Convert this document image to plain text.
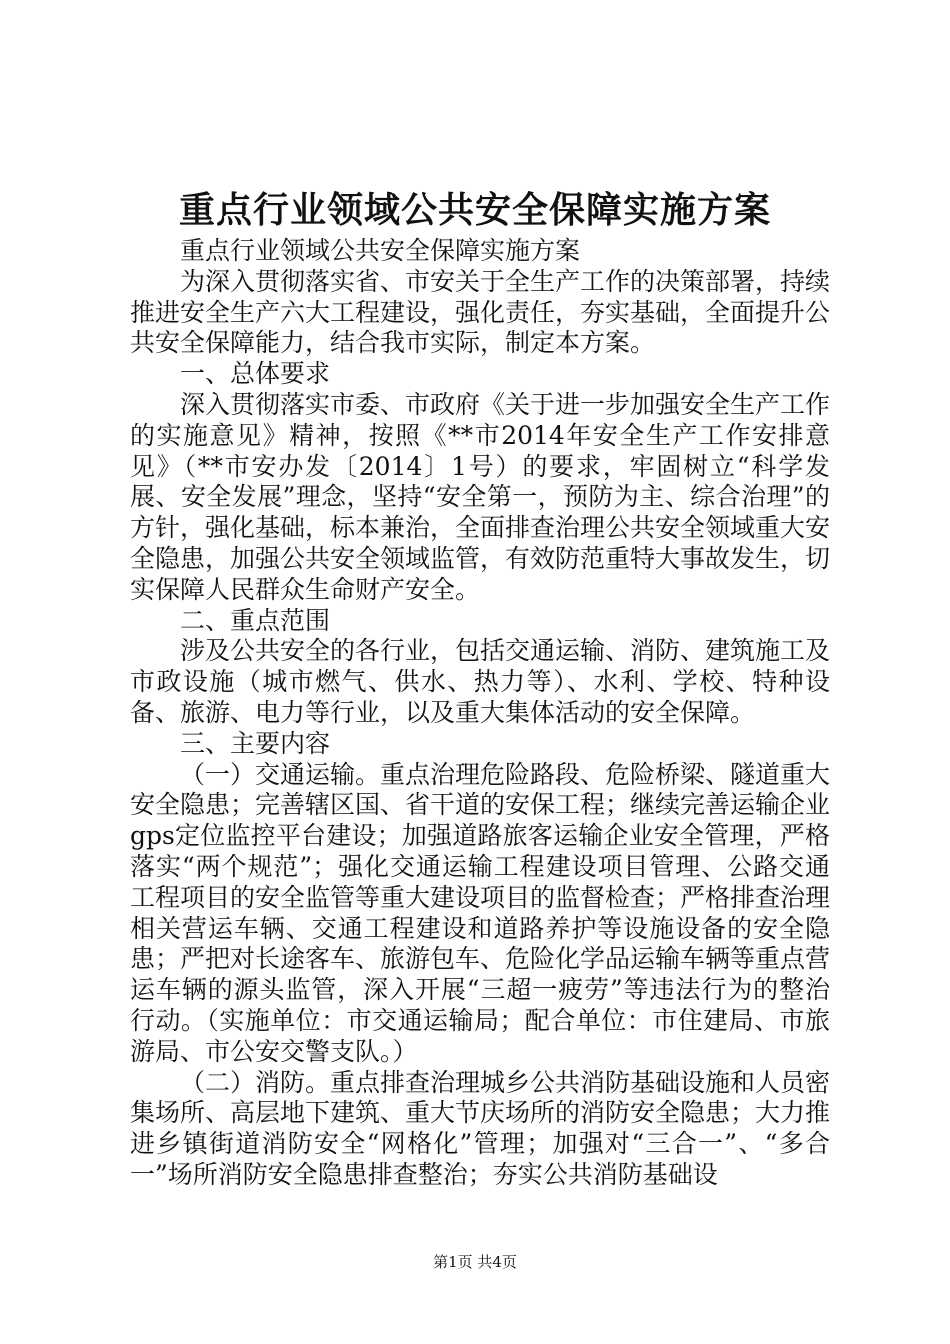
重点行业领域公共安全保障实施方案

重点行业领域公共安全保障实施方案

为深入贯彻落实省、市安关于全生产工作的决策部署，持续推进安全生产六大工程建设，强化责任，夯实基础，全面提升公共安全保障能力，结合我市实际，制定本方案。

一、总体要求

深入贯彻落实市委、市政府《关于进一步加强安全生产工作的实施意见》精神，按照《**市2014年安全生产工作安排意见》（**市安办发〔2014〕1号）的要求，牢固树立“科学发展、安全发展”理念，坚持“安全第一，预防为主、综合治理”的方针，强化基础，标本兼治，全面排查治理公共安全领域重大安全隐患，加强公共安全领域监管，有效防范重特大事故发生，切实保障人民群众生命财产安全。

二、重点范围

涉及公共安全的各行业，包括交通运输、消防、建筑施工及市政设施（城市燃气、供水、热力等）、水利、学校、特种设备、旅游、电力等行业，以及重大集体活动的安全保障。

三、主要内容

（一）交通运输。重点治理危险路段、危险桥梁、隧道重大安全隐患；完善辖区国、省干道的安保工程；继续完善运输企业gps定位监控平台建设；加强道路旅客运输企业安全管理，严格落实“两个规范”；强化交通运输工程建设项目管理、公路交通工程项目的安全监管等重大建设项目的监督检查；严格排查治理相关营运车辆、交通工程建设和道路养护等设施设备的安全隐患；严把对长途客车、旅游包车、危险化学品运输车辆等重点营运车辆的源头监管，深入开展“三超一疲劳”等违法行为的整治行动。（实施单位：市交通运输局；配合单位：市住建局、市旅游局、市公安交警支队。）

（二）消防。重点排查治理城乡公共消防基础设施和人员密集场所、高层地下建筑、重大节庆场所的消防安全隐患；大力推进乡镇街道消防安全“网格化”管理；加强对“三合一”、“多合一”场所消防安全隐患排查整治；夯实公共消防基础设

第1页 共4页
